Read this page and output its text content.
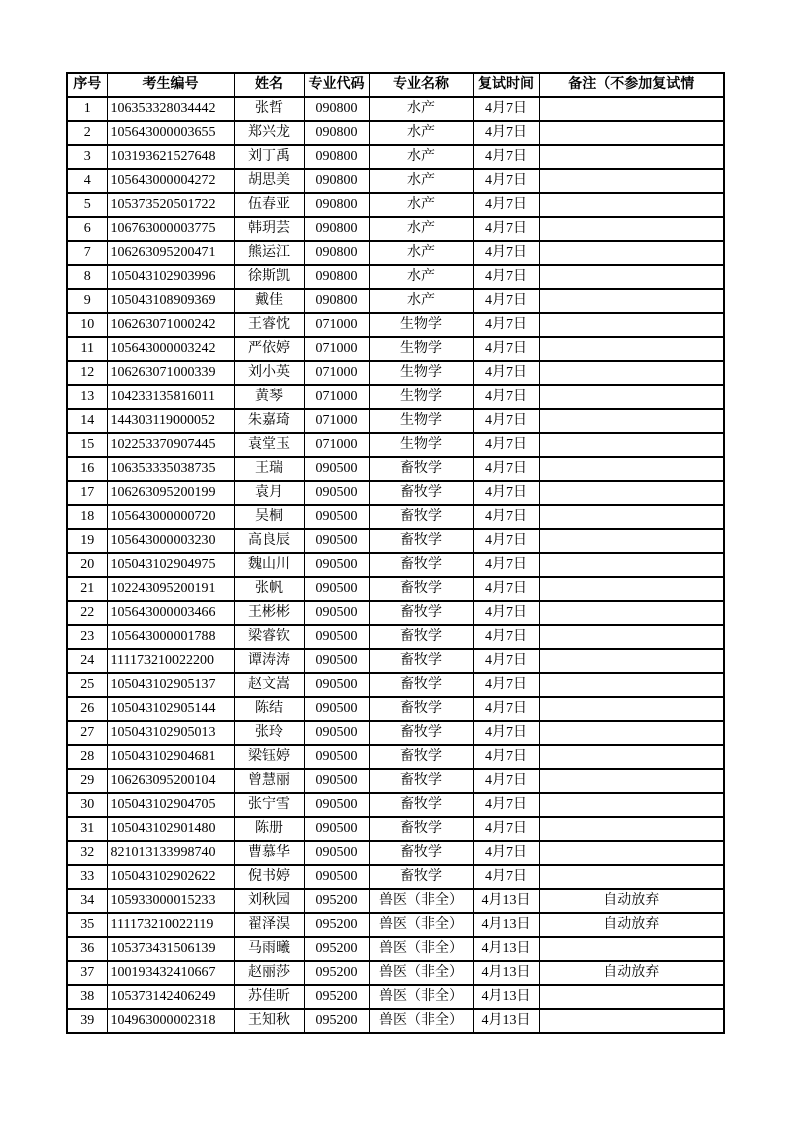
序号	考生编号	姓名	专业代码	专业名称	复试时间	备注（不参加复试情
1	106353328034442	张哲	090800	水产	4月7日	
2	105643000003655	郑兴龙	090800	水产	4月7日	
3	103193621527648	刘丁禹	090800	水产	4月7日	
4	105643000004272	胡思美	090800	水产	4月7日	
5	105373520501722	伍春亚	090800	水产	4月7日	
6	106763000003775	韩玥芸	090800	水产	4月7日	
7	106263095200471	熊运江	090800	水产	4月7日	
8	105043102903996	徐斯凯	090800	水产	4月7日	
9	105043108909369	戴佳	090800	水产	4月7日	
10	106263071000242	王睿忱	071000	生物学	4月7日	
11	105643000003242	严依婷	071000	生物学	4月7日	
12	106263071000339	刘小英	071000	生物学	4月7日	
13	104233135816011	黄琴	071000	生物学	4月7日	
14	144303119000052	朱嘉琦	071000	生物学	4月7日	
15	102253370907445	袁堂玉	071000	生物学	4月7日	
16	106353335038735	王瑞	090500	畜牧学	4月7日	
17	106263095200199	袁月	090500	畜牧学	4月7日	
18	105643000000720	吴桐	090500	畜牧学	4月7日	
19	105643000003230	高良辰	090500	畜牧学	4月7日	
20	105043102904975	魏山川	090500	畜牧学	4月7日	
21	102243095200191	张帆	090500	畜牧学	4月7日	
22	105643000003466	王彬彬	090500	畜牧学	4月7日	
23	105643000001788	梁睿钦	090500	畜牧学	4月7日	
24	111173210022200	谭涛涛	090500	畜牧学	4月7日	
25	105043102905137	赵文嵩	090500	畜牧学	4月7日	
26	105043102905144	陈结	090500	畜牧学	4月7日	
27	105043102905013	张玲	090500	畜牧学	4月7日	
28	105043102904681	梁钰婷	090500	畜牧学	4月7日	
29	106263095200104	曾慧丽	090500	畜牧学	4月7日	
30	105043102904705	张宁雪	090500	畜牧学	4月7日	
31	105043102901480	陈册	090500	畜牧学	4月7日	
32	821013133998740	曹慕华	090500	畜牧学	4月7日	
33	105043102902622	倪书婷	090500	畜牧学	4月7日	
34	105933000015233	刘秋园	095200	兽医（非全）	4月13日	自动放弃
35	111173210022119	翟泽淏	095200	兽医（非全）	4月13日	自动放弃
36	105373431506139	马雨曦	095200	兽医（非全）	4月13日	
37	100193432410667	赵丽莎	095200	兽医（非全）	4月13日	自动放弃
38	105373142406249	苏佳昕	095200	兽医（非全）	4月13日	
39	104963000002318	王知秋	095200	兽医（非全）	4月13日	
